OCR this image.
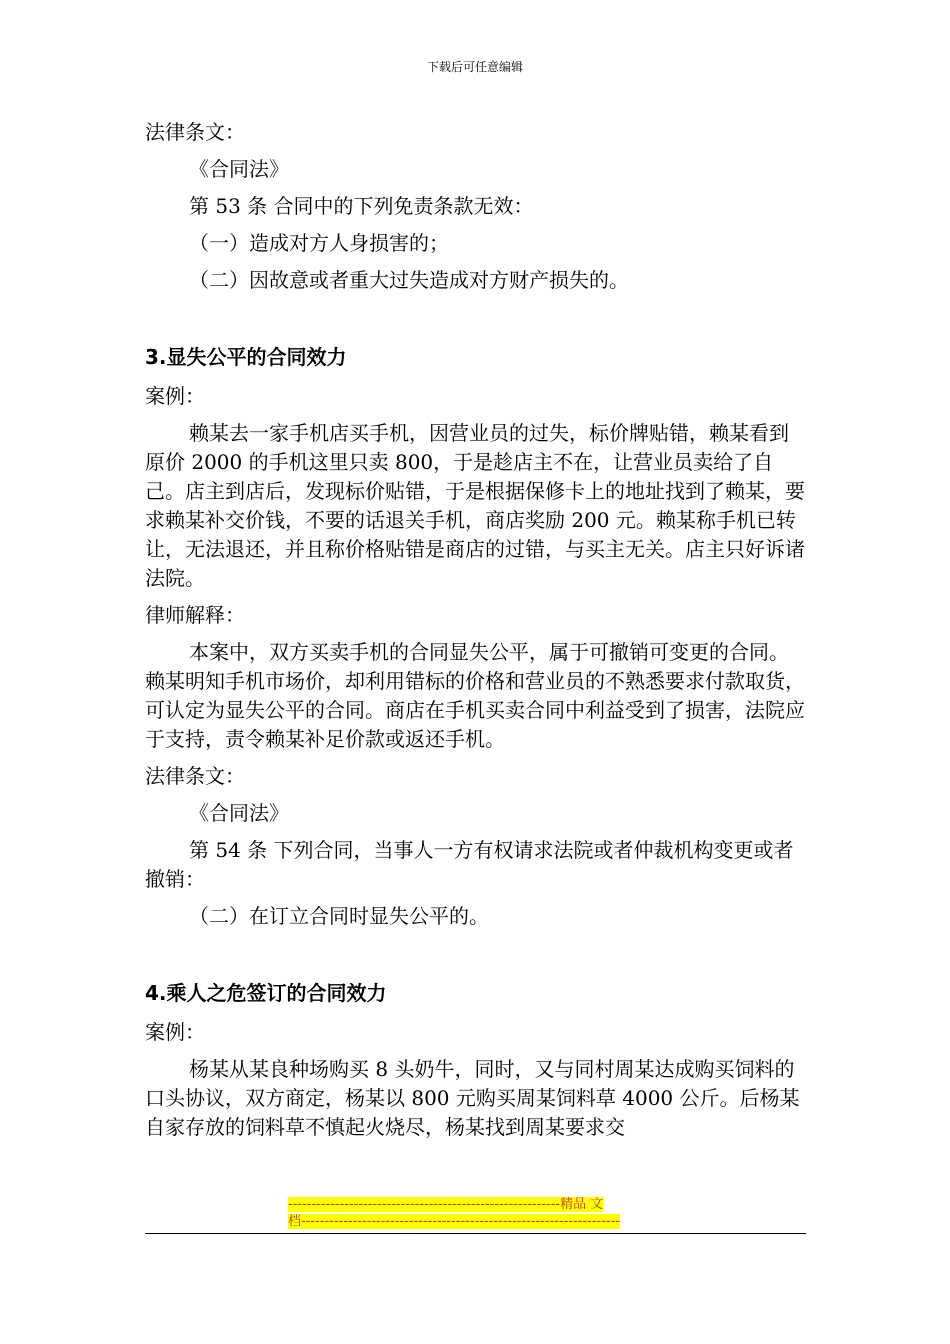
下载后可任意编辑

法律条文：

《合同法》

第 53 条 合同中的下列免责条款无效：

（一）造成对方人身损害的；

（二）因故意或者重大过失造成对方财产损失的。

3.显失公平的合同效力

案例：

赖某去一家手机店买手机，因营业员的过失，标价牌贴错，赖某看到原价 2000 的手机这里只卖 800，于是趁店主不在，让营业员卖给了自己。店主到店后，发现标价贴错，于是根据保修卡上的地址找到了赖某，要求赖某补交价钱，不要的话退关手机，商店奖励 200 元。赖某称手机已转让，无法退还，并且称价格贴错是商店的过错，与买主无关。店主只好诉诸法院。

律师解释：

本案中，双方买卖手机的合同显失公平，属于可撤销可变更的合同。赖某明知手机市场价，却利用错标的价格和营业员的不熟悉要求付款取货，可认定为显失公平的合同。商店在手机买卖合同中利益受到了损害，法院应于支持，责令赖某补足价款或返还手机。

法律条文：

《合同法》

第 54 条 下列合同，当事人一方有权请求法院或者仲裁机构变更或者撤销：

（二）在订立合同时显失公平的。

4.乘人之危签订的合同效力

案例：

杨某从某良种场购买 8 头奶牛，同时，又与同村周某达成购买饲料的口头协议，双方商定，杨某以 800 元购买周某饲料草 4000 公斤。后杨某自家存放的饲料草不慎起火烧尽，杨某找到周某要求交

----------------------------------------------------------精品 文
档--------------------------------------------------------------------
